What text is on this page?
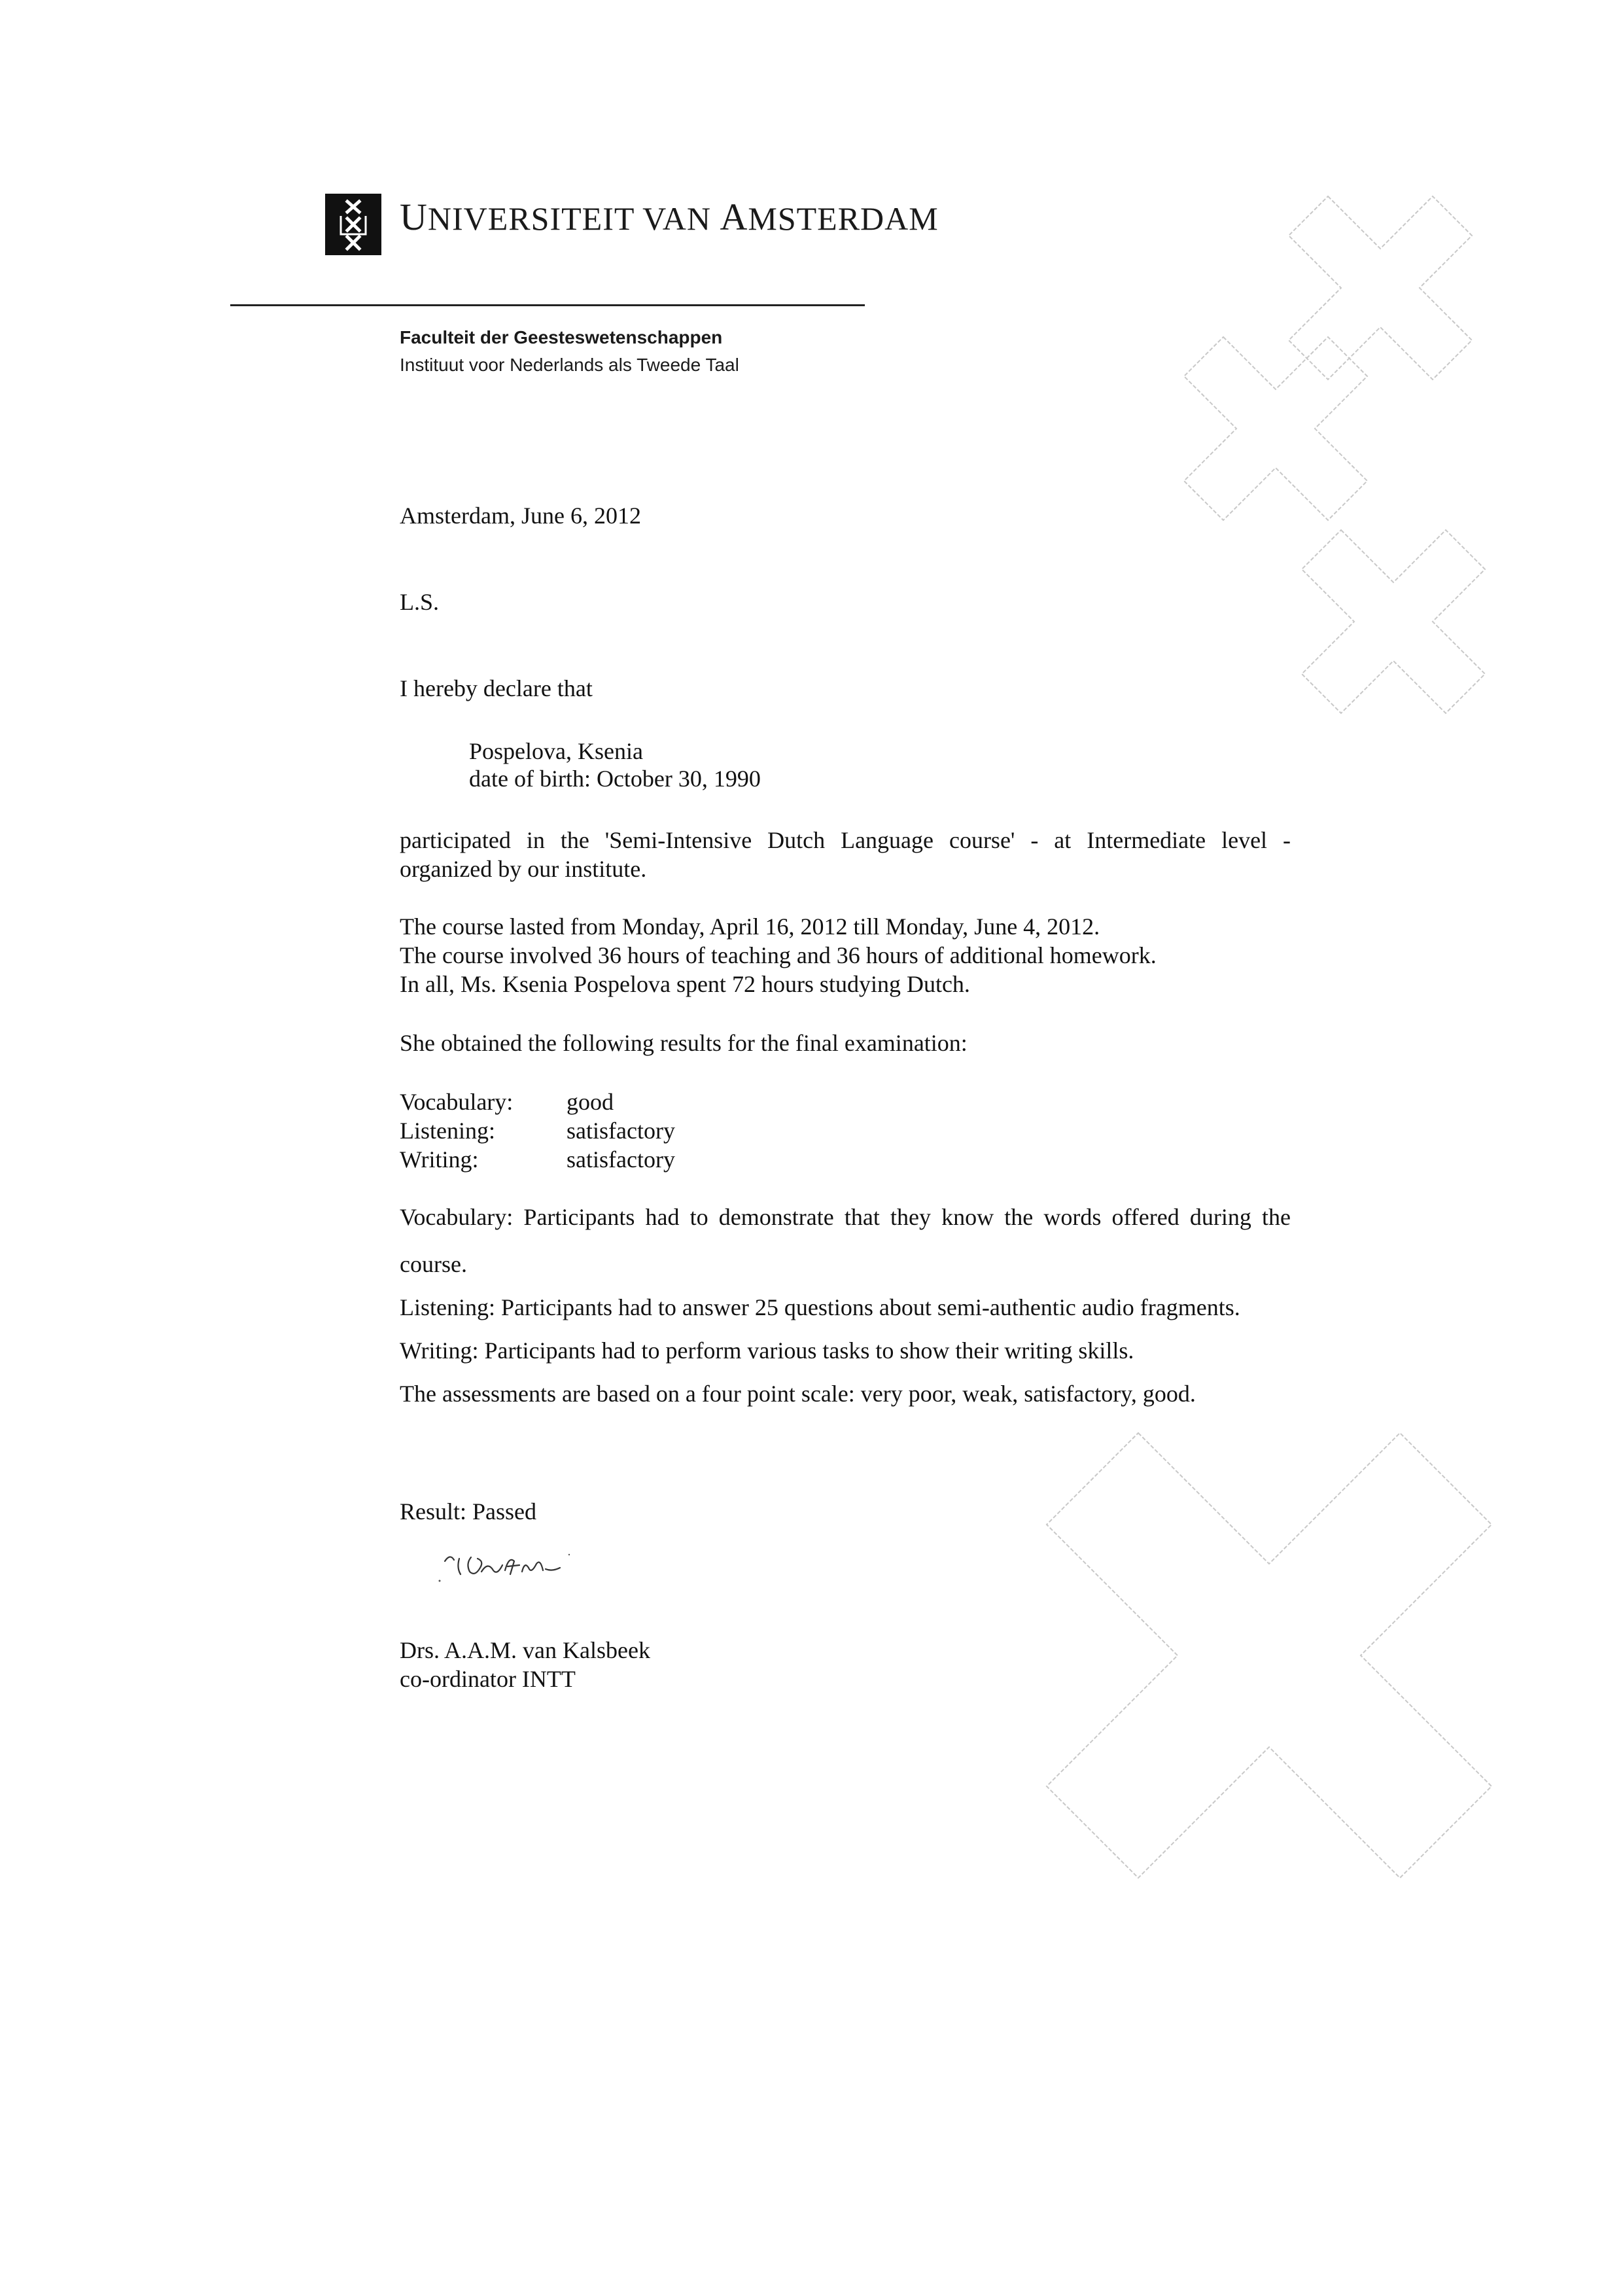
UNIVERSITEIT VAN AMSTERDAM
Faculteit der Geesteswetenschappen
Instituut voor Nederlands als Tweede Taal
Amsterdam, June 6, 2012
L.S.
I hereby declare that
Pospelova, Ksenia
date of birth: October 30, 1990
participated in the 'Semi-Intensive Dutch Language course' - at Intermediate level -
organized by our institute.
The course lasted from Monday, April 16, 2012 till Monday, June 4, 2012.
The course involved 36 hours of teaching and 36 hours of additional homework.
In all, Ms. Ksenia Pospelova spent 72 hours studying Dutch.
She obtained the following results for the final examination:
Vocabulary: good
Listening:	satisfactory
Writing:	satisfactory
Vocabulary: Participants had to demonstrate that they know the words offered during the
course.
Listening: Participants had to answer 25 questions about semi-authentic audio fragments.
Writing: Participants had to perform various tasks to show their writing skills.
The assessments are based on a four point scale: very poor, weak, satisfactory, good.
Result: Passed
Drs. A.A.M. van Kalsbeek
co-ordinator INTT
